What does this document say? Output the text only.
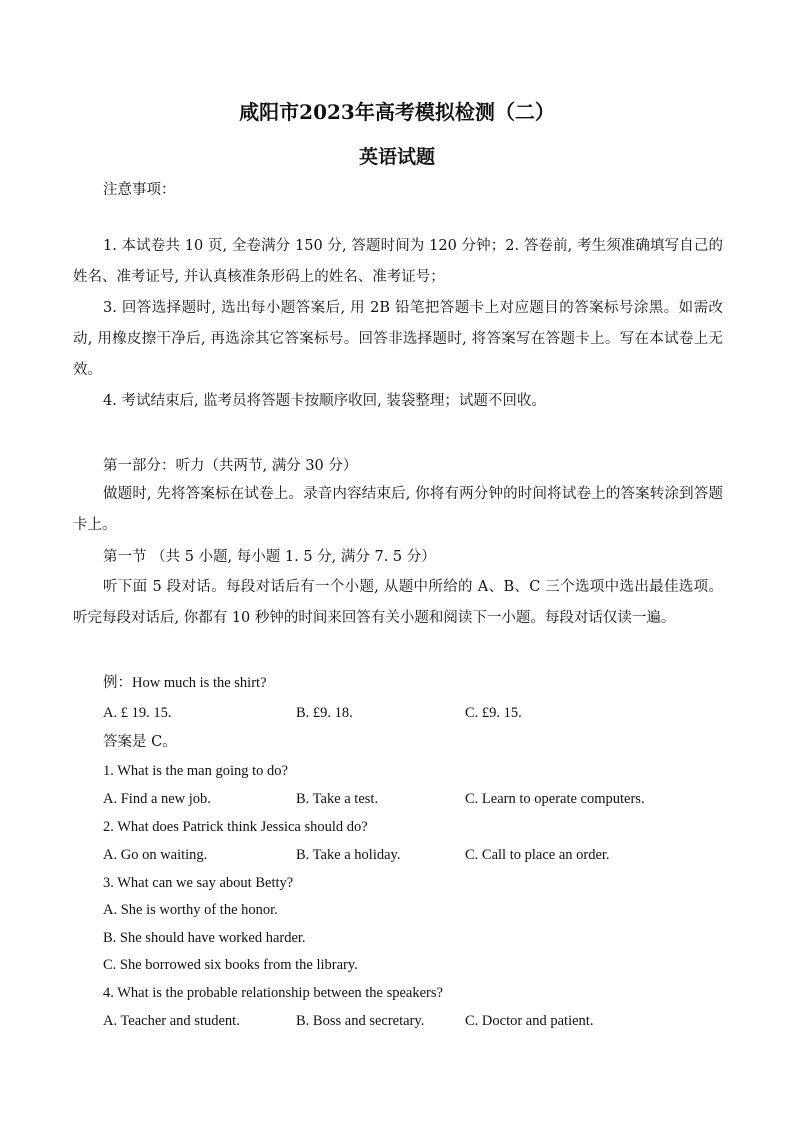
咸阳市2023年高考模拟检测（二）
英语试题
注意事项：
1. 本试卷共 10 页, 全卷满分 150 分, 答题时间为 120 分钟；2. 答卷前, 考生须准确填写自己的姓名、准考证号, 并认真核准条形码上的姓名、准考证号；
3. 回答选择题时, 选出每小题答案后, 用 2B 铅笔把答题卡上对应题目的答案标号涂黑。如需改动, 用橡皮擦干净后, 再选涂其它答案标号。回答非选择题时, 将答案写在答题卡上。写在本试卷上无效。
4. 考试结束后, 监考员将答题卡按顺序收回, 装袋整理；试题不回收。
第一部分：听力（共两节, 满分 30 分）
做题时, 先将答案标在试卷上。录音内容结束后, 你将有两分钟的时间将试卷上的答案转涂到答题卡上。
第一节 （共 5 小题, 每小题 1. 5 分, 满分 7. 5 分）
听下面 5 段对话。每段对话后有一个小题, 从题中所给的 A、B、C 三个选项中选出最佳选项。听完每段对话后, 你都有 10 秒钟的时间来回答有关小题和阅读下一小题。每段对话仅读一遍。
例：How much is the shirt?
A. £ 19. 15.	B. £9. 18.	C. £9. 15.
答案是 C。
1. What is the man going to do?
A. Find a new job.	B. Take a test.	C. Learn to operate computers.
2. What does Patrick think Jessica should do?
A. Go on waiting.	B. Take a holiday.	C. Call to place an order.
3. What can we say about Betty?
A. She is worthy of the honor.
B. She should have worked harder.
C. She borrowed six books from the library.
4. What is the probable relationship between the speakers?
A. Teacher and student.	B. Boss and secretary.	C. Doctor and patient.
